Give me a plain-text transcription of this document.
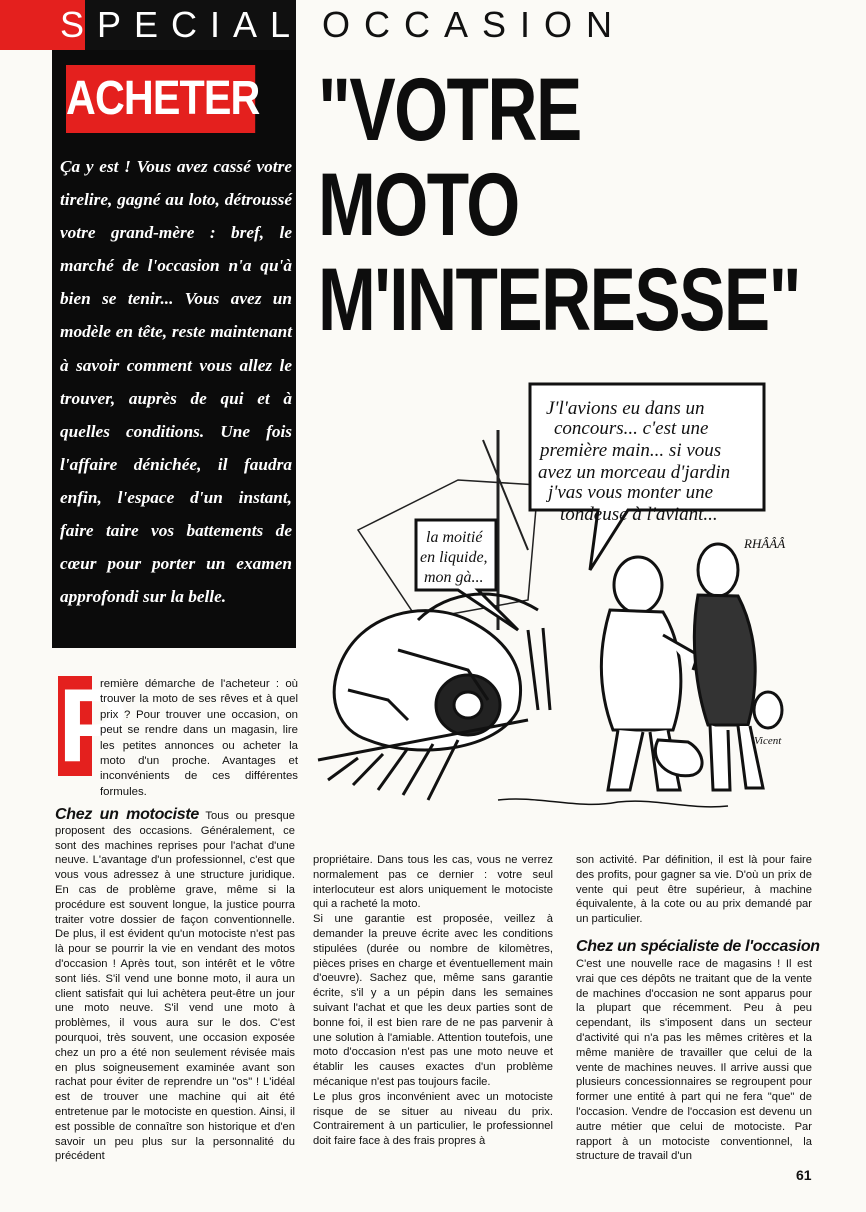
SPECIAL OCCASION
ACHETER
Ça y est ! Vous avez cassé votre tirelire, gagné au loto, détroussé votre grand-mère : bref, le marché de l'occasion n'a qu'à bien se tenir... Vous avez un modèle en tête, reste maintenant à savoir comment vous allez le trouver, auprès de qui et à quelles conditions. Une fois l'affaire dénichée, il faudra enfin, l'espace d'un instant, faire taire vos battements de cœur pour porter un examen approfondi sur la belle.
"VOTRE
MOTO
M'INTERESSE"
J'l'avions eu dans un
concours... c'est une
première main... si vous
avez un morceau d'jardin
j'vas vous monter une
tondeuse à l'aviant...
la moitié
en liquide,
mon gà...
RHÂÂÂ
Vicent
P
remière démarche de l'acheteur : où trouver la moto de ses rêves et à quel prix ? Pour trouver une occasion, on peut se rendre dans un magasin, lire les petites annonces ou acheter la moto d'un proche. Avantages et inconvénients de ces différentes formules.

Chez un motociste Tous ou presque proposent des occasions. Généralement, ce sont des machines reprises pour l'achat d'une neuve. L'avantage d'un professionnel, c'est que vous vous adressez à une structure juridique. En cas de problème grave, même si la procédure est souvent longue, la justice pourra traiter votre dossier de façon conventionnelle. De plus, il est évident qu'un motociste n'est pas là pour se pourrir la vie en vendant des motos d'occasion ! Après tout, son intérêt et le vôtre sont liés. S'il vend une bonne moto, il aura un client satisfait qui lui achètera peut-être un jour une moto neuve. S'il vend une moto à problèmes, il vous aura sur le dos. C'est pourquoi, très souvent, une occasion exposée chez un pro a été non seulement révisée mais en plus soigneusement examinée avant son rachat pour éviter de reprendre un "os" ! L'idéal est de trouver une machine qui ait été entretenue par le motociste en question. Ainsi, il est possible de connaître son historique et d'en savoir un peu plus sur la personnalité du précédent

propriétaire. Dans tous les cas, vous ne verrez normalement pas ce dernier : votre seul interlocuteur est alors uniquement le motociste qui a racheté la moto.

Si une garantie est proposée, veillez à demander la preuve écrite avec les conditions stipulées (durée ou nombre de kilomètres, pièces prises en charge et éventuellement main d'oeuvre). Sachez que, même sans garantie écrite, s'il y a un pépin dans les semaines suivant l'achat et que les deux parties sont de bonne foi, il est bien rare de ne pas parvenir à une solution à l'amiable. Attention toutefois, une moto d'occasion n'est pas une moto neuve et établir les causes exactes d'un problème mécanique n'est pas toujours facile.

Le plus gros inconvénient avec un motociste risque de se situer au niveau du prix. Contrairement à un particulier, le professionnel doit faire face à des frais propres à

son activité. Par définition, il est là pour faire des profits, pour gagner sa vie. D'où un prix de vente qui peut être supérieur, à machine équivalente, à la cote ou au prix demandé par un particulier.

Chez un spécialiste de l'occasion

C'est une nouvelle race de magasins ! Il est vrai que ces dépôts ne traitant que de la vente de machines d'occasion ne sont apparus pour la plupart que récemment. Peu à peu cependant, ils s'imposent dans un secteur d'activité qui n'a pas les mêmes critères et la même manière de travailler que celui de la vente de machines neuves. Il arrive aussi que plusieurs concessionnaires se regroupent pour former une entité à part qui ne fera "que" de l'occasion. Vendre de l'occasion est devenu un autre métier que celui de motociste. Par rapport à un motociste conventionnel, la structure de travail d'un

61
